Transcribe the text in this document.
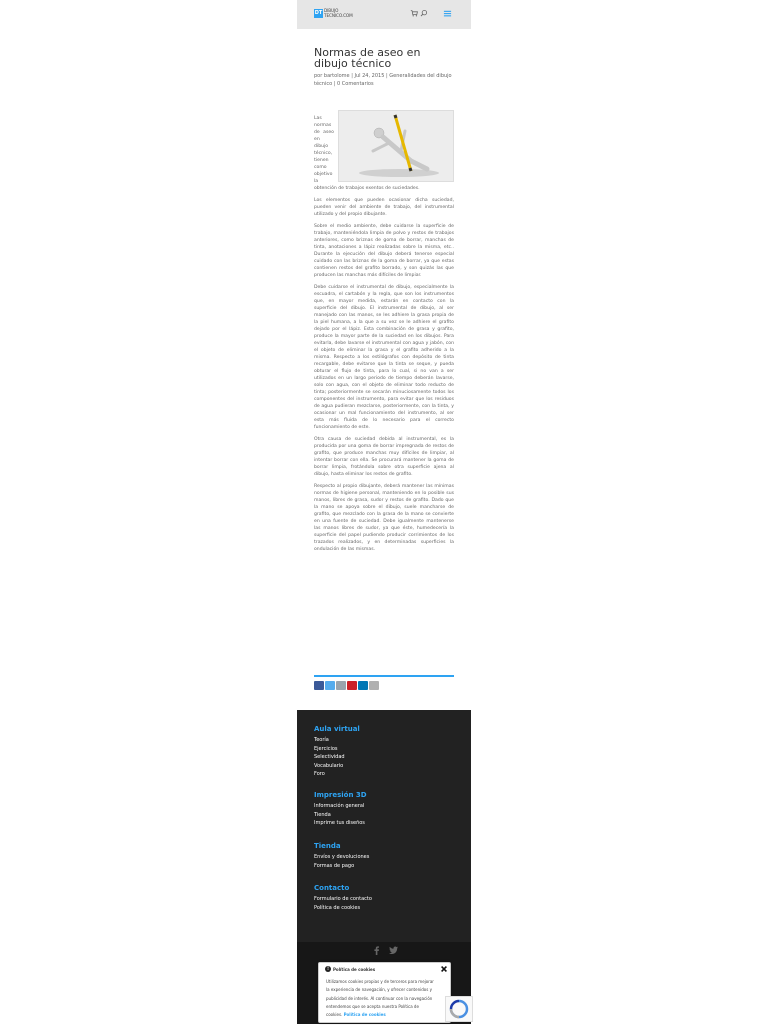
DT DIBUJO
TECNICO.COM
Normas de aseo en dibujo técnico
por bartolome | Jul 24, 2015 | Generalidades del dibujo técnico | 0 Comentarios

Las normas de aseo en dibujo técnico, tienen como objetivo la obtención de trabajos exentos de suciedades.

Los elementos que pueden ocasionar dicha suciedad, pueden venir del ambiente de trabajo, del instrumental utilizado y del propio dibujante.

Sobre el medio ambiente, debe cuidarse la superficie de trabajo, manteniéndola limpia de polvo y restos de trabajos anteriores, como briznas de goma de borrar, manchas de tinta, anotaciones a lápiz realizadas sobre la misma, etc.. Durante la ejecución del dibujo deberá tenerse especial cuidado con las briznas de la goma de borrar, ya que estas contienen restos del grafito borrado, y son quizás las que producen las manchas más difíciles de limpiar.

Debe cuidarse el instrumental de dibujo, especialmente la escuadra, el cartabón y la regla, que son los instrumentos que, en mayor medida, estarán en contacto con la superficie del dibujo. El instrumental de dibujo, al ser manejado con las manos, se les adhiere la grasa propia de la piel humana, a la que a su vez se le adhiere el grafito dejado por el lápiz. Esta combinación de grasa y grafito, produce la mayor parte de la suciedad en los dibujos. Para evitarla, debe lavarse el instrumental con agua y jabón, con el objeto de eliminar la grasa y el grafito adherido a la misma. Respecto a los estilógrafos con depósito de tinta recargable, debe evitarse que la tinta se seque, y pueda obturar el flujo de tinta, para lo cual, si no van a ser utilizados en un largo periodo de tiempo deberán lavarse, solo con agua, con el objeto de eliminar todo reducto de tinta; posteriormente se secarán minuciosamente todos los componentes del instrumento, para evitar que los residuos de agua pudieran mezclarse, posteriormente, con la tinta, y ocasionar un mal funcionamiento del instrumento, al ser esta más fluida de lo necesario para el correcto funcionamiento de este.

Otra causa de suciedad debida al instrumental, es la producida por una goma de borrar impregnada de restos de grafito, que produce manchas muy difíciles de limpiar, al intentar borrar con ella. Se procurará mantener la goma de borrar limpia, frotándola sobre otra superficie ajena al dibujo, hasta eliminar los restos de grafito.

Respecto al propio dibujante, deberá mantener las mínimas normas de higiene personal, manteniendo en lo posible sus manos, libres de grasa, sudor y restos de grafito. Dado que la mano se apoya sobre el dibujo, suele mancharse de grafito, que mezclado con la grasa de la mano se convierte en una fuente de suciedad. Debe igualmente mantenerse las manos libres de sudor, ya que éste, humedecería la superficie del papel pudiendo producir corrimientos de los trazados realizados, y en determinadas superficies la ondulación de las mismas.

Aula virtual
Teoría
Ejercicios
Selectividad
Vocabulario
Foro
Impresión 3D
Información general
Tienda
Imprime tus diseños
Tienda
Envíos y devoluciones
Formas de pago
Contacto
Formulario de contacto
Política de cookies
!	Política de cookies
Utilizamos cookies propias y de terceros para mejorar la experiencia de navegación, y ofrecer contenidos y publicidad de interés. Al continuar con la navegación entendemos que se acepta nuestra Política de cookies. Política de cookies
